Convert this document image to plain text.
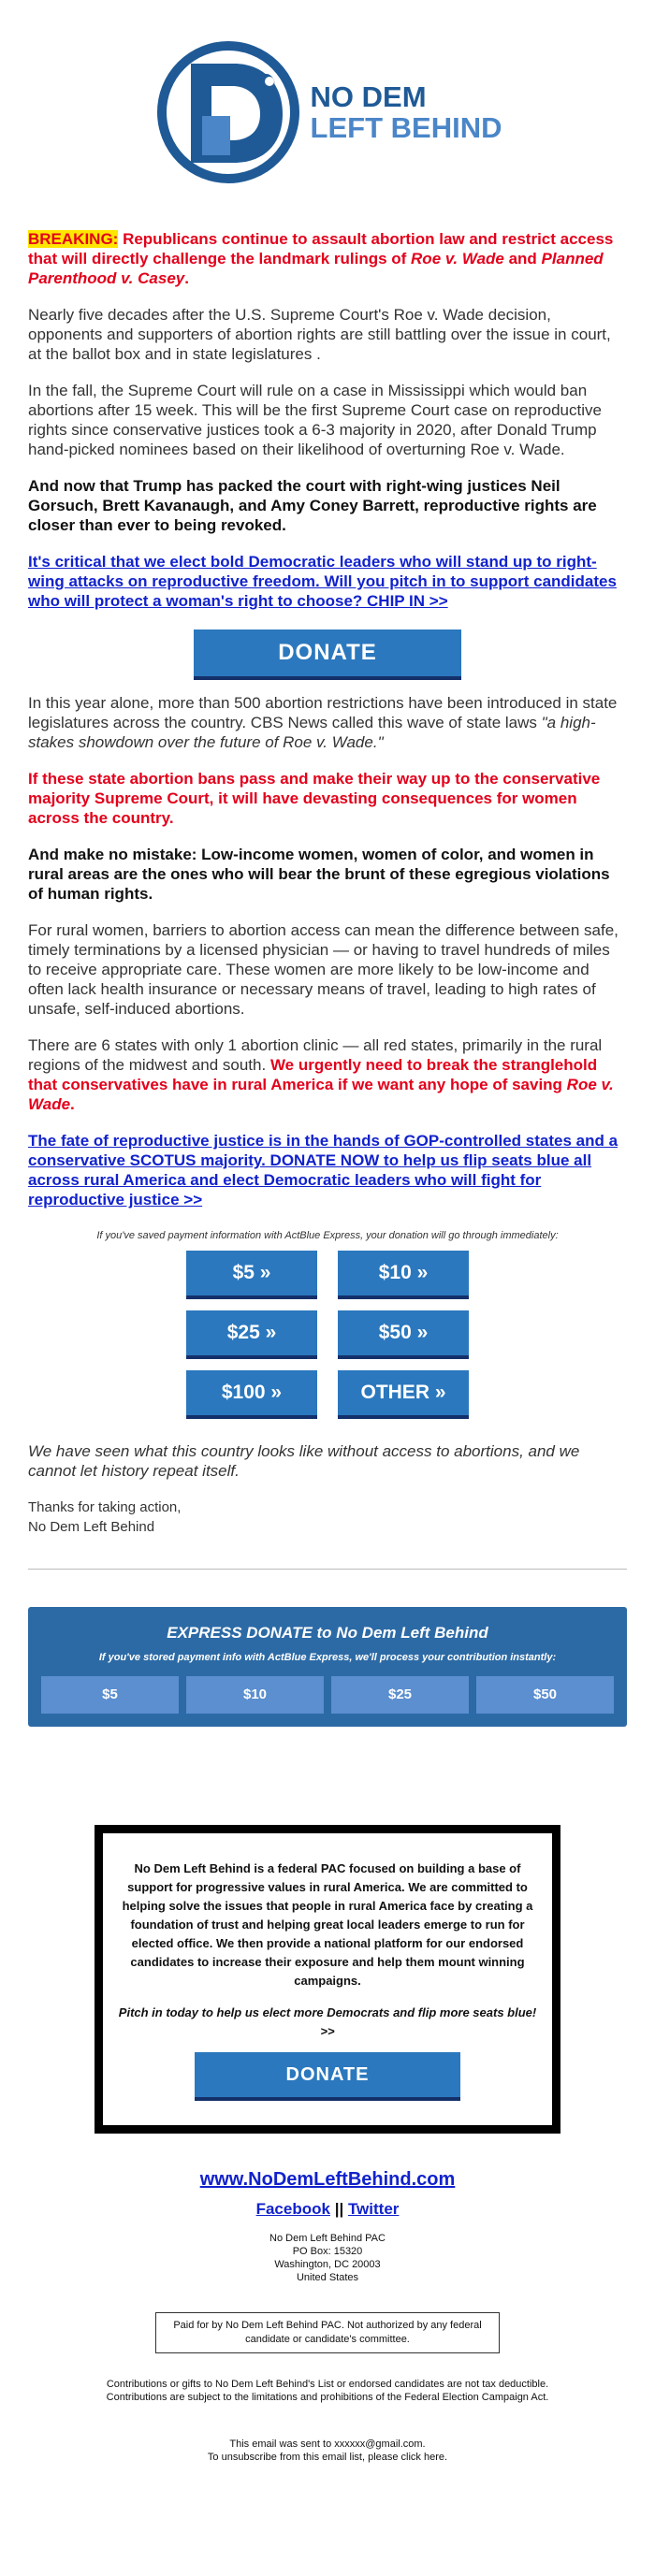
NO DEM
LEFT BEHIND

BREAKING: Republicans continue to assault abortion law and restrict access that will directly challenge the landmark rulings of Roe v. Wade and Planned Parenthood v. Casey.

Nearly five decades after the U.S. Supreme Court's Roe v. Wade decision, opponents and supporters of abortion rights are still battling over the issue in court, at the ballot box and in state legislatures .

In the fall, the Supreme Court will rule on a case in Mississippi which would ban abortions after 15 week. This will be the first Supreme Court case on reproductive rights since conservative justices took a 6-3 majority in 2020, after Donald Trump hand-picked nominees based on their likelihood of overturning Roe v. Wade.

And now that Trump has packed the court with right-wing justices Neil Gorsuch, Brett Kavanaugh, and Amy Coney Barrett, reproductive rights are closer than ever to being revoked.

It's critical that we elect bold Democratic leaders who will stand up to right-wing attacks on reproductive freedom. Will you pitch in to support candidates who will protect a woman's right to choose? CHIP IN >>

DONATE

In this year alone, more than 500 abortion restrictions have been introduced in state legislatures across the country. CBS News called this wave of state laws "a high-stakes showdown over the future of Roe v. Wade."

If these state abortion bans pass and make their way up to the conservative majority Supreme Court, it will have devasting consequences for women across the country.

And make no mistake: Low-income women, women of color, and women in rural areas are the ones who will bear the brunt of these egregious violations of human rights.

For rural women, barriers to abortion access can mean the difference between safe, timely terminations by a licensed physician — or having to travel hundreds of miles to receive appropriate care. These women are more likely to be low-income and often lack health insurance or necessary means of travel, leading to high rates of unsafe, self-induced abortions.

There are 6 states with only 1 abortion clinic — all red states, primarily in the rural regions of the midwest and south. We urgently need to break the stranglehold that conservatives have in rural America if we want any hope of saving Roe v. Wade.

The fate of reproductive justice is in the hands of GOP-controlled states and a conservative SCOTUS majority. DONATE NOW to help us flip seats blue all across rural America and elect Democratic leaders who will fight for reproductive justice >>

If you've saved payment information with ActBlue Express, your donation will go through immediately:
$5 »	$10 »
$25 »	$50 »
$100 »	OTHER »

We have seen what this country looks like without access to abortions, and we cannot let history repeat itself.

Thanks for taking action,
No Dem Left Behind
EXPRESS DONATE to No Dem Left Behind
If you've stored payment info with ActBlue Express, we'll process your contribution instantly:
$5	$10	$25	$50

No Dem Left Behind is a federal PAC focused on building a base of support for progressive values in rural America. We are committed to helping solve the issues that people in rural America face by creating a foundation of trust and helping great local leaders emerge to run for elected office. We then provide a national platform for our endorsed candidates to increase their exposure and help them mount winning campaigns.

Pitch in today to help us elect more Democrats and flip more seats blue! >>

DONATE
www.NoDemLeftBehind.com
Facebook || Twitter
No Dem Left Behind PAC
PO Box: 15320
Washington, DC 20003
United States
Paid for by No Dem Left Behind PAC. Not authorized by any federal candidate or candidate's committee.
Contributions or gifts to No Dem Left Behind's List or endorsed candidates are not tax deductible.
Contributions are subject to the limitations and prohibitions of the Federal Election Campaign Act.
This email was sent to xxxxxx@gmail.com.
To unsubscribe from this email list, please click here.
